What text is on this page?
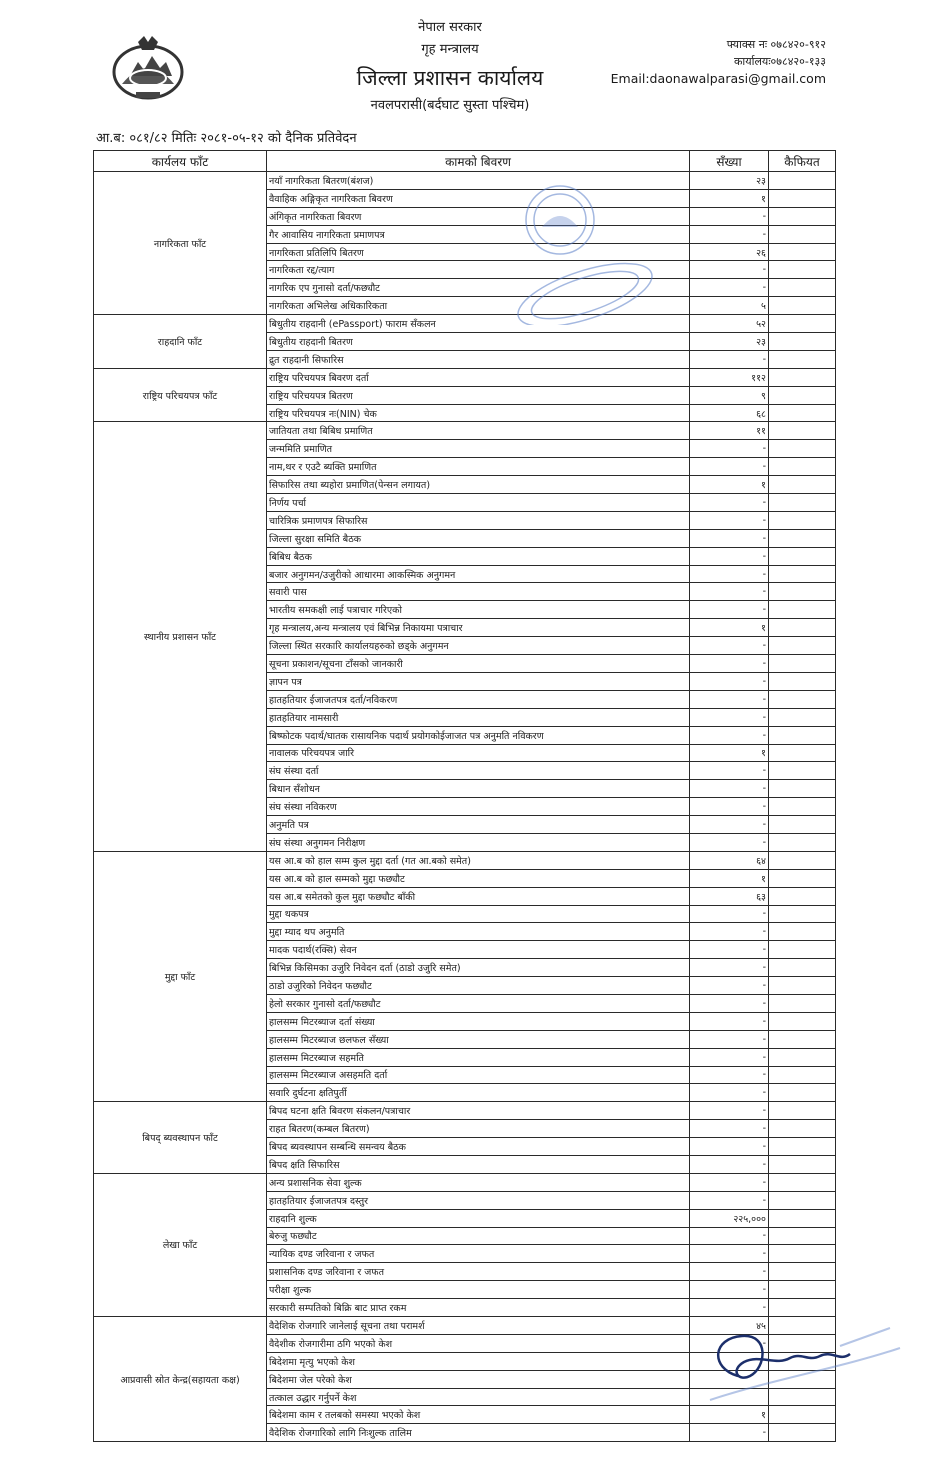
नेपाल सरकार
गृह मन्त्रालय
जिल्ला प्रशासन कार्यालय
नवलपरासी(बर्दघाट सुस्ता पश्चिम)
फ्याक्स नः ०७८४२०-९१२
कार्यालयः०७८४२०-१३३
Email:daonawalparasi@gmail.com
आ.ब: ०८१/८२ मितिः २०८१-०५-१२ को दैनिक प्रतिवेदन
कार्यलय फाँट	कामको बिवरण	सँख्या	कैफियत
नागरिकता फाँट	नयाँ नागरिकता बितरण(बंशज)	२३	
	वैवाहिक अङ्गिकृत नागरिकता बिवरण	१	
	अंगिकृत नागरिकता बिवरण	-	
	गैर आवासिय नागरिकता प्रमाणपत्र	-	
	नागरिकता प्रतिलिपि बितरण	२६	
	नागरिकता रद्द/त्याग	-	
	नागरिक एप गुनासो दर्ता/फछ्यौट	-	
	नागरिकता अभिलेख अधिकारिकता	५	
राहदानि फाँट	बिधुतीय राहदानी (ePassport) फाराम सँकलन	५२	
	बिधुतीय राहदानी बितरण	२३	
	द्रुत राहदानी सिफारिस	-	
राष्ट्रिय परिचयपत्र फाँट	राष्ट्रिय परिचयपत्र बिवरण दर्ता	११२	
	राष्ट्रिय परिचयपत्र बितरण	९	
	राष्ट्रिय परिचयपत्र नः(NIN) चेक	६८	
स्थानीय प्रशासन फाँट	जातियता तथा बिबिध प्रमाणित	११	
	जन्ममिति प्रमाणित	-	
	नाम,थर र एउटै ब्यक्ति प्रमाणित	-	
	सिफारिस तथा ब्यहोरा प्रमाणित(पेन्सन लगायत)	१	
	निर्णय पर्चा	-	
	चारित्रिक प्रमाणपत्र सिफारिस	-	
	जिल्ला सुरक्षा समिति बैठक	-	
	बिबिध बैठक	-	
	बजार अनुगमन/उजुरीको आधारमा आकस्मिक अनुगमन	-	
	सवारी पास	-	
	भारतीय समकक्षी लाई पत्राचार गरिएको	-	
	गृह मन्त्रालय,अन्य मन्त्रालय एवं बिभिन्न निकायमा पत्राचार	१	
	जिल्ला स्थित सरकारि कार्यालयहरुको छड्के अनुगमन	-	
	सूचना प्रकाशन/सूचना टाँसको जानकारी	-	
	ज्ञापन पत्र	-	
	हातहतियार ईजाजतपत्र दर्ता/नविकरण	-	
	हातहतियार नामसारी	-	
	बिष्फोटक पदार्थ/घातक रासायनिक पदार्थ प्रयोगकोईजाजत पत्र अनुमति नविकरण	-	
	नावालक परिचयपत्र जारि	१	
	संघ संस्था दर्ता	-	
	बिधान सँशोधन	-	
	संघ संस्था नविकरण	-	
	अनुमति पत्र	-	
	संघ संस्था अनुगमन निरीक्षण	-	
मुद्दा फाँट	यस आ.ब को हाल सम्म कुल मुद्दा दर्ता (गत आ.बको समेत)	६४	
	यस आ.ब को हाल सम्मको मुद्दा फछ्यौट	१	
	यस आ.ब समेतको कुल मुद्दा फछ्यौट बाँकी	६३	
	मुद्दा थकपत्र	-	
	मुद्दा म्याद थप अनुमति	-	
	मादक पदार्थ(रक्सि) सेवन	-	
	बिभिन्न किसिमका उजुरि निवेदन दर्ता (ठाडो उजुरि समेत)	-	
	ठाडो उजुरिको निवेदन फछ्यौट	-	
	हेलो सरकार गुनासो दर्ता/फछ्यौट	-	
	हालसम्म मिटरब्याज दर्ता संख्या	-	
	हालसम्म मिटरब्याज छलफल सँख्या	-	
	हालसम्म मिटरब्याज सहमति	-	
	हालसम्म मिटरब्याज असहमति दर्ता	-	
	सवारि दुर्घटना क्षतिपुर्ती	-	
बिपद् ब्यवस्थापन फाँट	बिपद घटना क्षति बिवरण संकलन/पत्राचार	-	
	राहत बितरण(कम्बल बितरण)	-	
	बिपद ब्यवस्थापन सम्बन्धि समन्वय बैठक	-	
	बिपद क्षति सिफारिस	-	
लेखा फाँट	अन्य प्रशासनिक सेवा शुल्क	-	
	हातहतियार ईजाजतपत्र दस्तुर	-	
	राहदानि शुल्क	२२५,०००	
	बेरुजु फछ्यौट	-	
	न्यायिक दण्ड जरिवाना र जफत	-	
	प्रशासनिक दण्ड जरिवाना र जफत	-	
	परीक्षा शुल्क	-	
	सरकारी सम्पतिको बिक्रि बाट प्राप्त रकम	-	
आप्रवासी स्रोत केन्द्र(सहायता कक्ष)	वैदेशिक रोजगारि जानेलाई सूचना तथा परामर्श	४५	
	वैदेशीक रोजगारीमा ठगि भएको केश	-	
	बिदेशमा मृत्यु भएको केश		
	बिदेशमा जेल परेको केश		
	तत्काल उद्धार गर्नुपर्ने केश		
	बिदेशमा काम र तलबको समस्या भएको केश	१	
	वैदेशिक रोजगारिको लागि निःशुल्क तालिम	-	
